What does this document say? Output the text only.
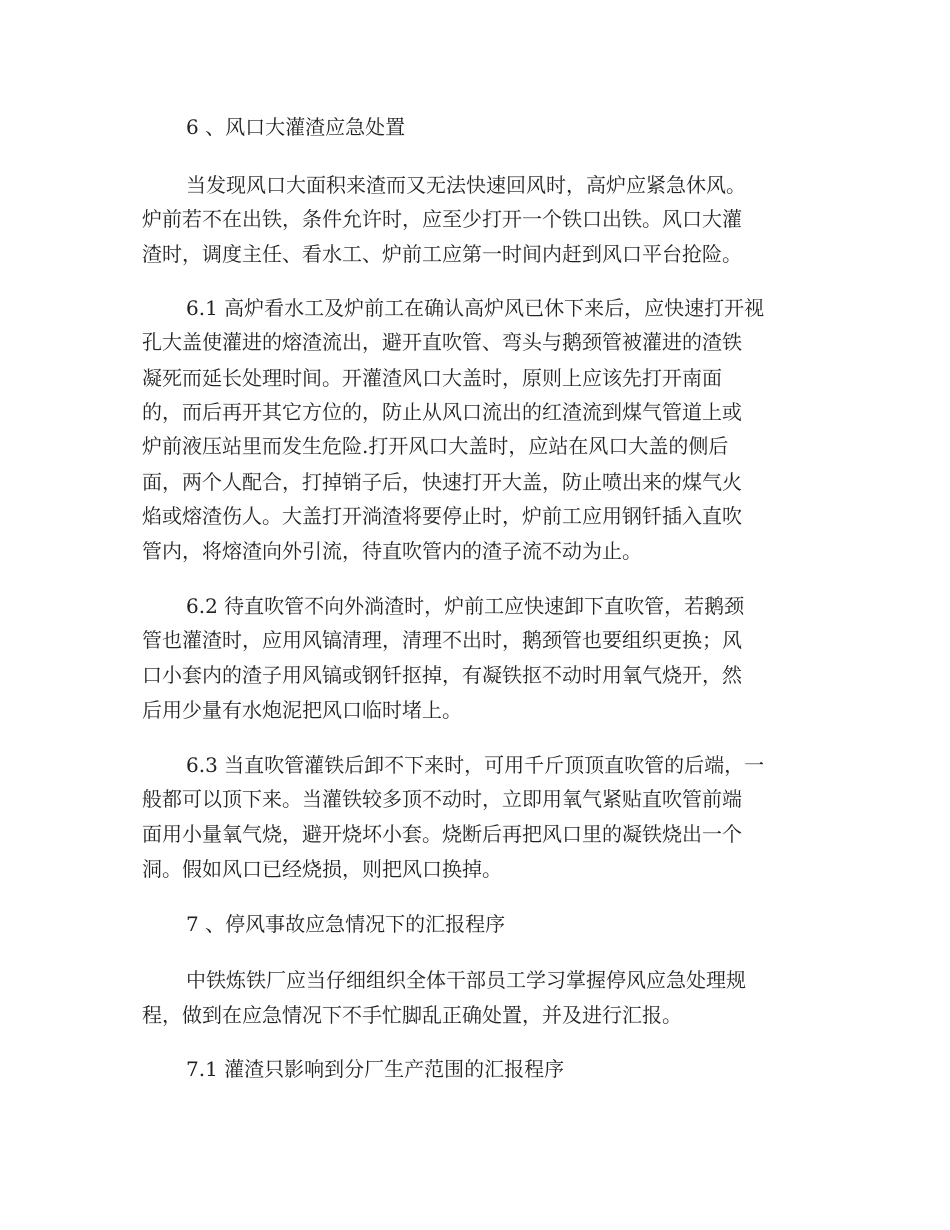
6 、风口大灌渣应急处置
当发现风口大面积来渣而又无法快速回风时，高炉应紧急休风。
炉前若不在出铁，条件允许时，应至少打开一个铁口出铁。风口大灌
渣时，调度主任、看水工、炉前工应第一时间内赶到风口平台抢险。
6.1 高炉看水工及炉前工在确认高炉风已休下来后，应快速打开视
孔大盖使灌进的熔渣流出，避开直吹管、弯头与鹅颈管被灌进的渣铁
凝死而延长处理时间。开灌渣风口大盖时，原则上应该先打开南面
的，而后再开其它方位的，防止从风口流出的红渣流到煤气管道上或
炉前液压站里而发生危险.打开风口大盖时，应站在风口大盖的侧后
面，两个人配合，打掉销子后，快速打开大盖，防止喷出来的煤气火
焰或熔渣伤人。大盖打开淌渣将要停止时，炉前工应用钢钎插入直吹
管内，将熔渣向外引流，待直吹管内的渣子流不动为止。
6.2 待直吹管不向外淌渣时，炉前工应快速卸下直吹管，若鹅颈
管也灌渣时，应用风镐清理，清理不出时，鹅颈管也要组织更换；风
口小套内的渣子用风镐或钢钎抠掉，有凝铁抠不动时用氧气烧开，然
后用少量有水炮泥把风口临时堵上。
6.3 当直吹管灌铁后卸不下来时，可用千斤顶顶直吹管的后端，一
般都可以顶下来。当灌铁较多顶不动时，立即用氧气紧贴直吹管前端
面用小量氧气烧，避开烧坏小套。烧断后再把风口里的凝铁烧出一个
洞。假如风口已经烧损，则把风口换掉。
7 、停风事故应急情况下的汇报程序
中铁炼铁厂应当仔细组织全体干部员工学习掌握停风应急处理规
程，做到在应急情况下不手忙脚乱正确处置，并及进行汇报。
7.1 灌渣只影响到分厂生产范围的汇报程序
